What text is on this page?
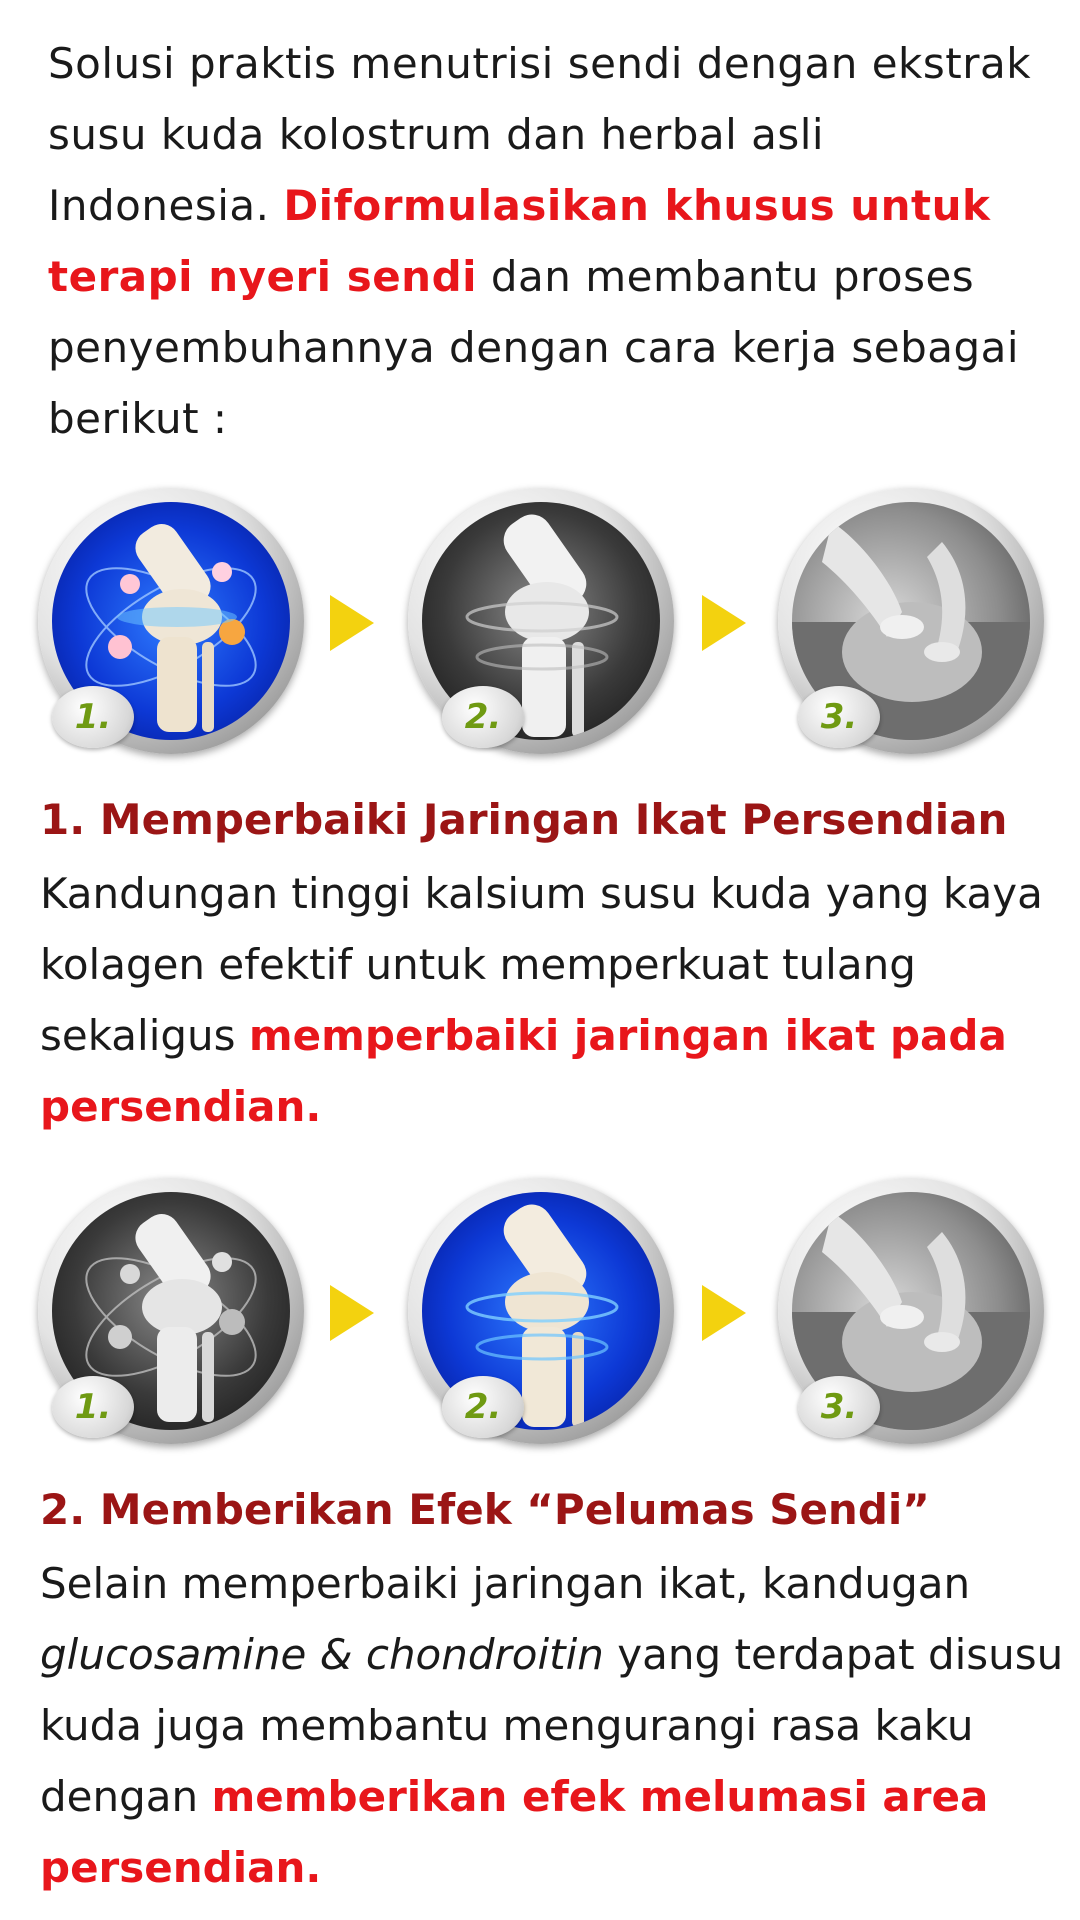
Solusi praktis menutrisi sendi dengan ekstrak susu kuda kolostrum dan herbal asli Indonesia. Diformulasikan khusus untuk terapi nyeri sendi dan membantu proses penyembuhannya dengan cara kerja sebagai berikut :

1.	2.	3.
1. Memperbaiki Jaringan Ikat Persendian

Kandungan tinggi kalsium susu kuda yang kaya kolagen efektif untuk memperkuat tulang sekaligus memperbaiki jaringan ikat pada persendian.

1.	2.	3.
2. Memberikan Efek “Pelumas Sendi”

Selain memperbaiki jaringan ikat, kandugan glucosamine & chondroitin yang terdapat disusu kuda juga membantu mengurangi rasa kaku dengan memberikan efek melumasi area persendian.
